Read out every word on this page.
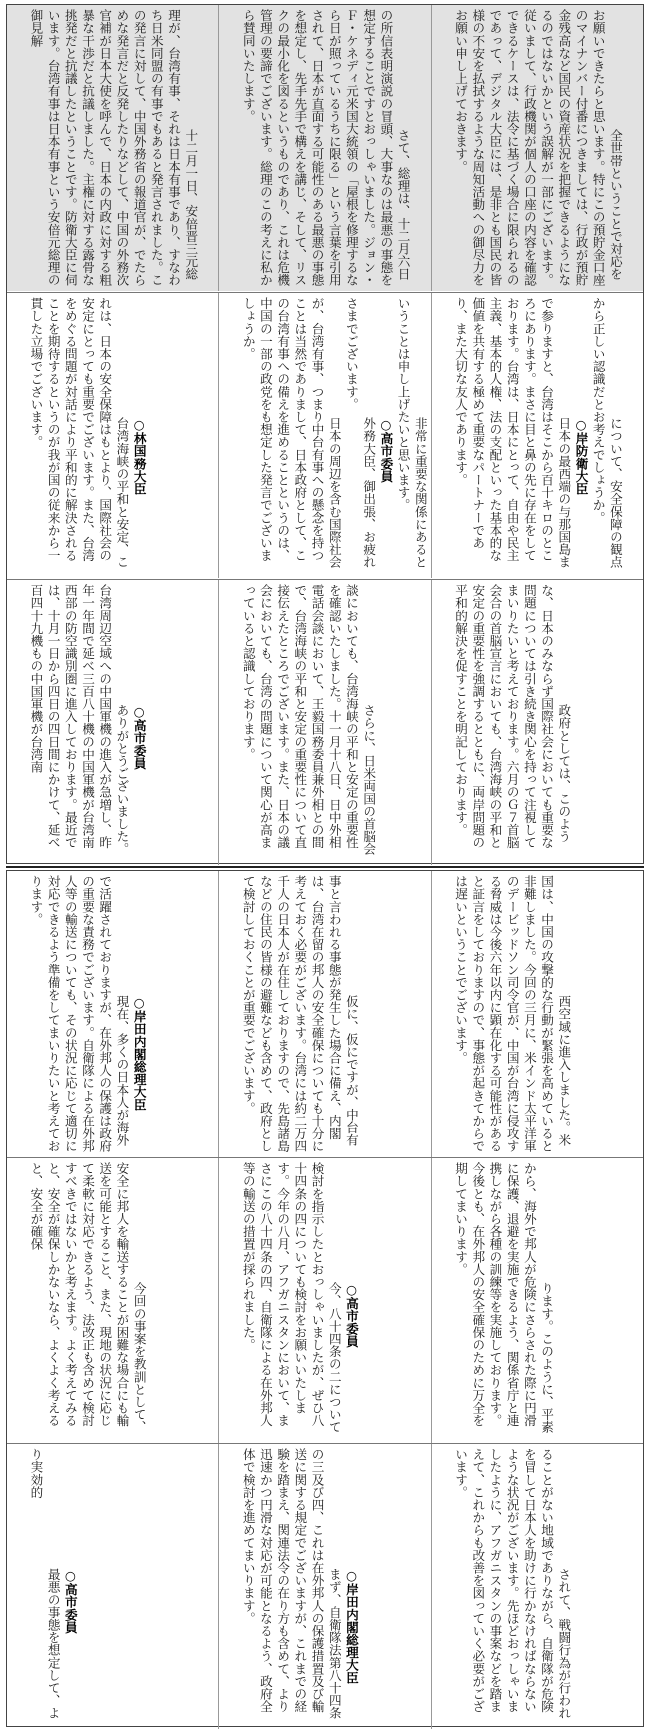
全世帯ということで対応をお願いできたらと思います。特にこの預貯金口座のマイナンバー付番につきましては、行政が預貯金残高など国民の資産状況を把握できるようになるのではないかという誤解が一部にございます。従いまして、行政機関が個人の口座の内容を確認できるケースは、法令に基づく場合に限られるのであって、デジタル大臣には、是非とも国民の皆様の不安を払拭するような周知活動への御尽力をお願い申し上げておきます。

さて、総理は、十二月六日の所信表明演説の冒頭、大事なのは最悪の事態を想定することですとおっしゃいました。ジョン・Ｆ・ケネディ元米国大統領の「屋根を修理するなら日が照っているうちに限る」という言葉を引用されて、日本が直面する可能性のある最悪の事態を想定し、先手先手で構えを講じ、そして、リスクの最小化を図るというものであり、これは危機管理の要諦でございます。総理のこの考えに私から賛同いたします。

十二月一日、安倍晋三元総理が、台湾有事、それは日本有事であり、すなわち日米同盟の有事でもあると発言されました。この発言に対して、中国外務省の報道官が、でたらめな発言だと反発したりなどして、中国の外務次官補が日本大使を呼んで、日本の内政に対する粗暴な干渉だと抗議しました。主権に対する露骨な挑発だと抗議したということです。防衛大臣に伺います。台湾有事は日本有事という安倍元総理の御見解

について、安全保障の観点から正しい認識だとお考えでしょうか。
○岸防衛大臣
日本の最西端の与那国島まで参りますと、台湾はそこから百十キロのところにあります。まさに目と鼻の先に存在をしております。台湾は、日本にとって、自由や民主主義、基本的人権、法の支配といった基本的な価値を共有する極めて重要なパートナーであり、また大切な友人であります。

非常に重要な関係にあるということは申し上げたいと思います。
○高市委員
外務大臣、御出張、お疲れさまでございます。
日本の周辺を含む国際社会が、台湾有事、つまり中台有事への懸念を持つことは当然でありまして、日本政府として、この台湾有事への備えを進めることというのは、中国の一部の政党をも想定した発言でございましょうか。

○林国務大臣
台湾海峡の平和と安定、これは、日本の安全保障はもとより、国際社会の安定にとっても重要でございます。また、台湾をめぐる問題が対話により平和的に解決されることを期待するというのが我が国の従来から一貫した立場でございます。

政府としては、このような、日本のみならず国際社会においても重要な問題については引き続き関心を持って注視してまいりたいと考えております。六月のＧ７首脳会合の首脳宣言においても、台湾海峡の平和と安定の重要性を強調するとともに、両岸問題の平和的解決を促すことを明記しております。

さらに、日米両国の首脳会談においても、台湾海峡の平和と安定の重要性を確認いたしました。十一月十八日、日中外相電話会談において、王毅国務委員兼外相との間で、台湾海峡の平和と安定の重要性について直接伝えたところでございます。また、日本の議会においても、台湾の問題について関心が高まっていると認識しております。

○高市委員
ありがとうございました。台湾周辺空域への中国軍機の進入が急増し、昨年一年間で延べ三百八十機の中国軍機が台湾南西部の防空識別圏に進入しております。最近では、十月一日から四日の四日間にかけて、延べ百四十九機もの中国軍機が台湾南

西空域に進入しました。米国は、中国の攻撃的な行動が緊張を高めていると非難しました。今回の三月に、米インド太平洋軍のデービッドソン司令官が、中国が台湾に侵攻する脅威は今後六年以内に顕在化する可能性があると証言をしておりますので、事態が起きてからでは遅いということでございます。

仮に、仮にですが、中台有事と言われる事態が発生した場合に備え、内閣は、台湾在留の邦人の安全確保についても十分に考えておく必要がございます。台湾には約二万四千人の日本人が在住しておりますので、先島諸島などの住民の皆様の避難なども含めて、政府として検討しておくことが重要でございます。

○岸田内閣総理大臣
現在、多くの日本人が海外で活躍されておりますが、在外邦人の保護は政府の重要な責務でございます。自衛隊による在外邦人等の輸送についても、その状況に応じて適切に対応できるよう準備をしてまいりたいと考えております。

ります。このように、平素から、海外で邦人が危険にさらされた際に円滑に保護、退避を実施できるよう、関係省庁と連携しながら各種の訓練等を実施しております。今後とも、在外邦人の安全確保のために万全を期してまいります。

○高市委員
今、八十四条の二について検討を指示したとおっしゃいましたが、ぜひ八十四条の四についても検討をお願いいたします。今年の八月、アフガニスタンにおいて、まさにこの八十四条の四、自衛隊による在外邦人等の輸送の措置が採られました。

今回の事案を教訓として、安全に邦人を輸送することが困難な場合にも輸送を可能とすること、また、現地の状況に応じて柔軟に対応できるよう、法改正も含めて検討すべきではないかと考えます。よく考えてみると、安全が確保しかないなら、よくよく考えると、安全が確保

されて、戦闘行為が行われることがない地域でありながら、自衛隊が危険を冒して日本人を助けに行かなければならないような状況がございます。先ほどおっしゃいましたように、アフガニスタンの事案などを踏まえて、これからも改善を図っていく必要がございます。

○岸田内閣総理大臣
まず、自衛隊法第八十四条の三及び四、これは在外邦人の保護措置及び輸送に関する規定でございますが、これまでの経験を踏まえ、関連法令の在り方も含めて、より迅速かつ円滑な対応が可能となるよう、政府全体で検討を進めてまいります。

○高市委員
最悪の事態を想定して、より実効的
